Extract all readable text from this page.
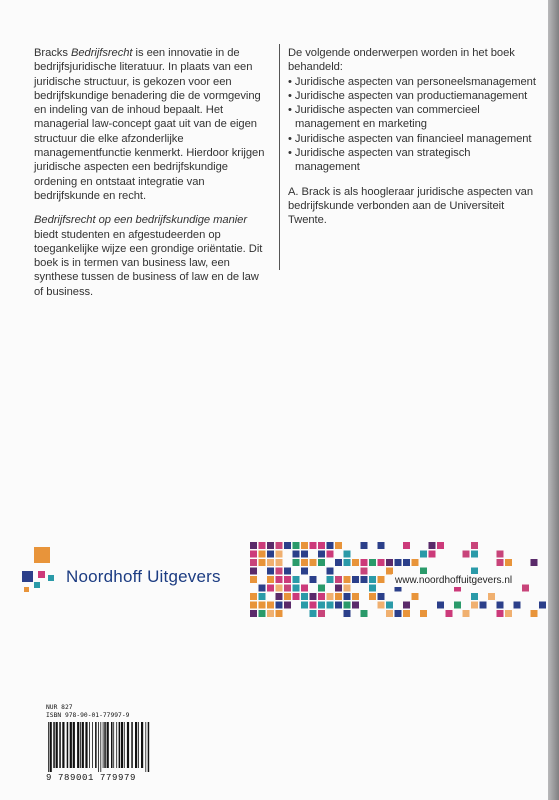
Bracks Bedrijfsrecht is een innovatie in de bedrijfsjuridische literatuur. In plaats van een juridische structuur, is gekozen voor een bedrijfskundige benadering die de vormgeving en indeling van de inhoud bepaalt. Het managerial law-concept gaat uit van de eigen structuur die elke afzonderlijke managementfunctie kenmerkt. Hierdoor krijgen juridische aspecten een bedrijfskundige ordening en ontstaat integratie van bedrijfskunde en recht.

Bedrijfsrecht op een bedrijfskundige manier biedt studenten en afgestudeerden op toegankelijke wijze een grondige oriëntatie. Dit boek is in termen van business law, een synthese tussen de business of law en de law of business.

De volgende onderwerpen worden in het boek behandeld:

• Juridische aspecten van personeelsmanagement
• Juridische aspecten van productiemanagement
• Juridische aspecten van commercieel management en marketing
• Juridische aspecten van financieel management
• Juridische aspecten van strategisch management

A. Brack is als hoogleraar juridische aspecten van bedrijfskunde verbonden aan de Universiteit Twente.

Noordhoff Uitgevers	www.noordhoffuitgevers.nl
NUR 827
ISBN 978-90-01-77997-9
9 789001 779979
